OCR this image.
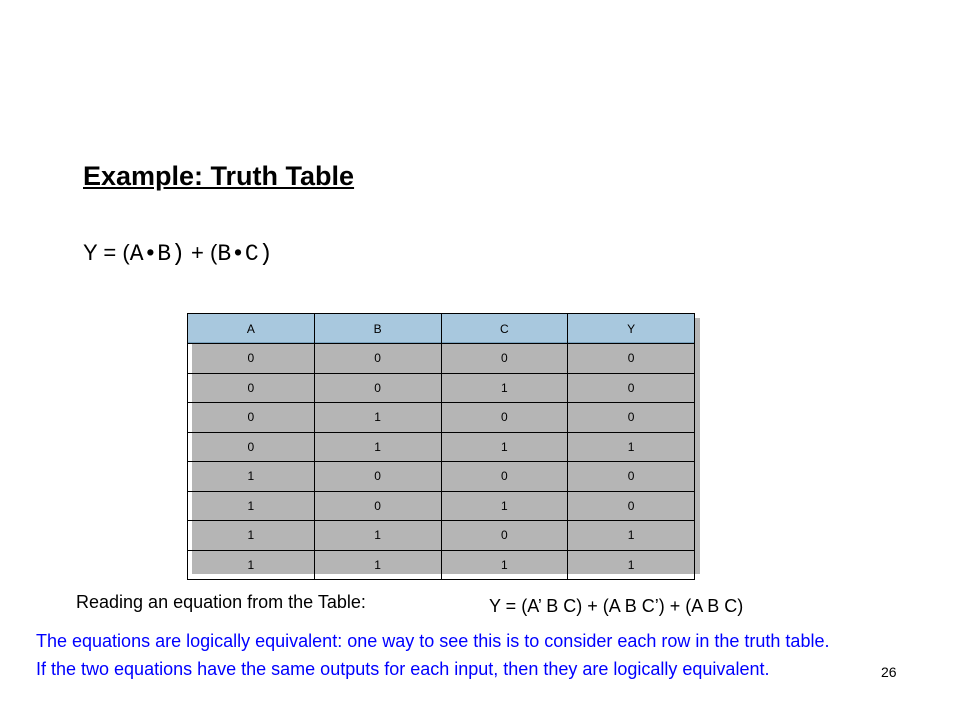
Example: Truth Table
Y = (A•B) + (B•C)
A	B	C	Y
0	0	0	0
0	0	1	0
0	1	0	0
0	1	1	1
1	0	0	0
1	0	1	0
1	1	0	1
1	1	1	1
Reading an equation from the Table:	Y = (A’ B C) + (A B C’) + (A B C)
The equations are logically equivalent: one way to see this is to consider each row in the truth table. If the two equations have the same outputs for each input, then they are logically equivalent.	26
